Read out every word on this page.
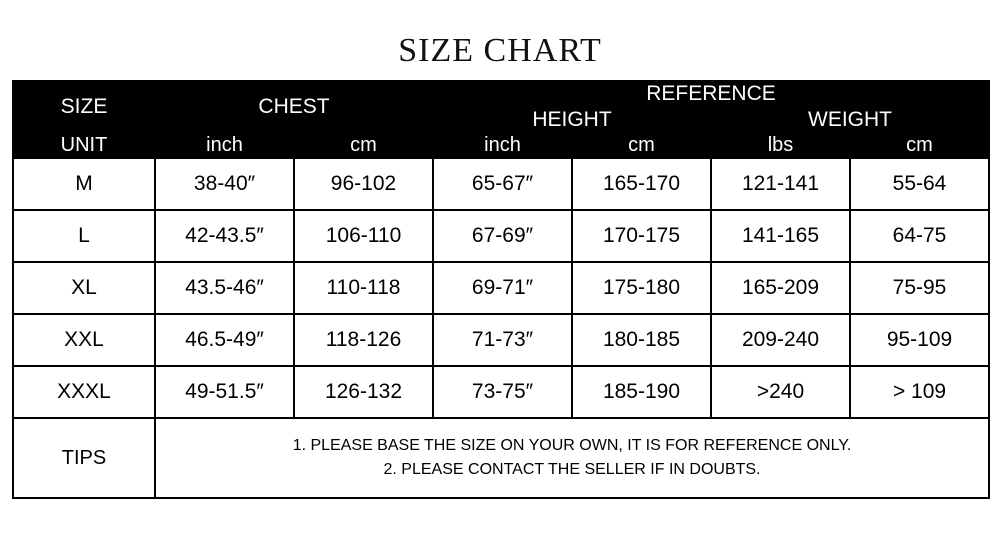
SIZE CHART
SIZE	CHEST		REFERENCE			
			HEIGHT		WEIGHT	
UNIT	inch	cm	inch	cm	lbs	cm
M	38-40″	96-102	65-67″	165-170	121-141	55-64
L	42-43.5″	106-110	67-69″	170-175	141-165	64-75
XL	43.5-46″	110-118	69-71″	175-180	165-209	75-95
XXL	46.5-49″	118-126	71-73″	180-185	209-240	95-109
XXXL	49-51.5″	126-132	73-75″	185-190	>240	> 109
TIPS	1. PLEASE BASE THE SIZE ON YOUR OWN, IT IS FOR REFERENCE ONLY.
2. PLEASE CONTACT THE SELLER IF IN DOUBTS.					
